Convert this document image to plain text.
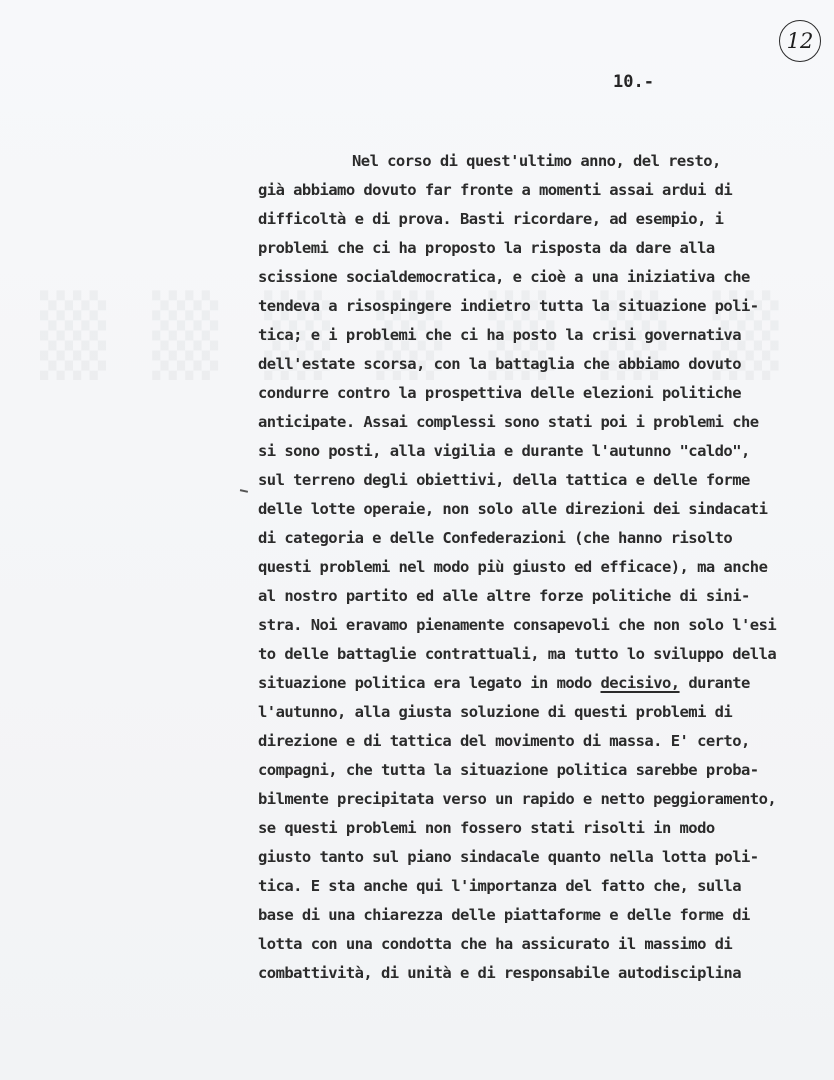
12
10.-
Nel corso di quest'ultimo anno, del resto,
già abbiamo dovuto far fronte a momenti assai ardui di
difficoltà e di prova. Basti ricordare, ad esempio, i
problemi che ci ha proposto la risposta da dare alla
scissione socialdemocratica, e cioè a una iniziativa che
tendeva a risospingere indietro tutta la situazione poli-
tica; e i problemi che ci ha posto la crisi governativa
dell'estate scorsa, con la battaglia che abbiamo dovuto
condurre contro la prospettiva delle elezioni politiche
anticipate. Assai complessi sono stati poi i problemi che
si sono posti, alla vigilia e durante l'autunno "caldo",
sul terreno degli obiettivi, della tattica e delle forme
delle lotte operaie, non solo alle direzioni dei sindacati
di categoria e delle Confederazioni (che hanno risolto
questi problemi nel modo più giusto ed efficace), ma anche
al nostro partito ed alle altre forze politiche di sini-
stra. Noi eravamo pienamente consapevoli che non solo l'esi
to delle battaglie contrattuali, ma tutto lo sviluppo della
situazione politica era legato in modo decisivo, durante
l'autunno, alla giusta soluzione di questi problemi di
direzione e di tattica del movimento di massa. E' certo,
compagni, che tutta la situazione politica sarebbe proba-
bilmente precipitata verso un rapido e netto peggioramento,
se questi problemi non fossero stati risolti in modo
giusto tanto sul piano sindacale quanto nella lotta poli-
tica. E sta anche qui l'importanza del fatto che, sulla
base di una chiarezza delle piattaforme e delle forme di
lotta con una condotta che ha assicurato il massimo di
combattività, di unità e di responsabile autodisciplina
